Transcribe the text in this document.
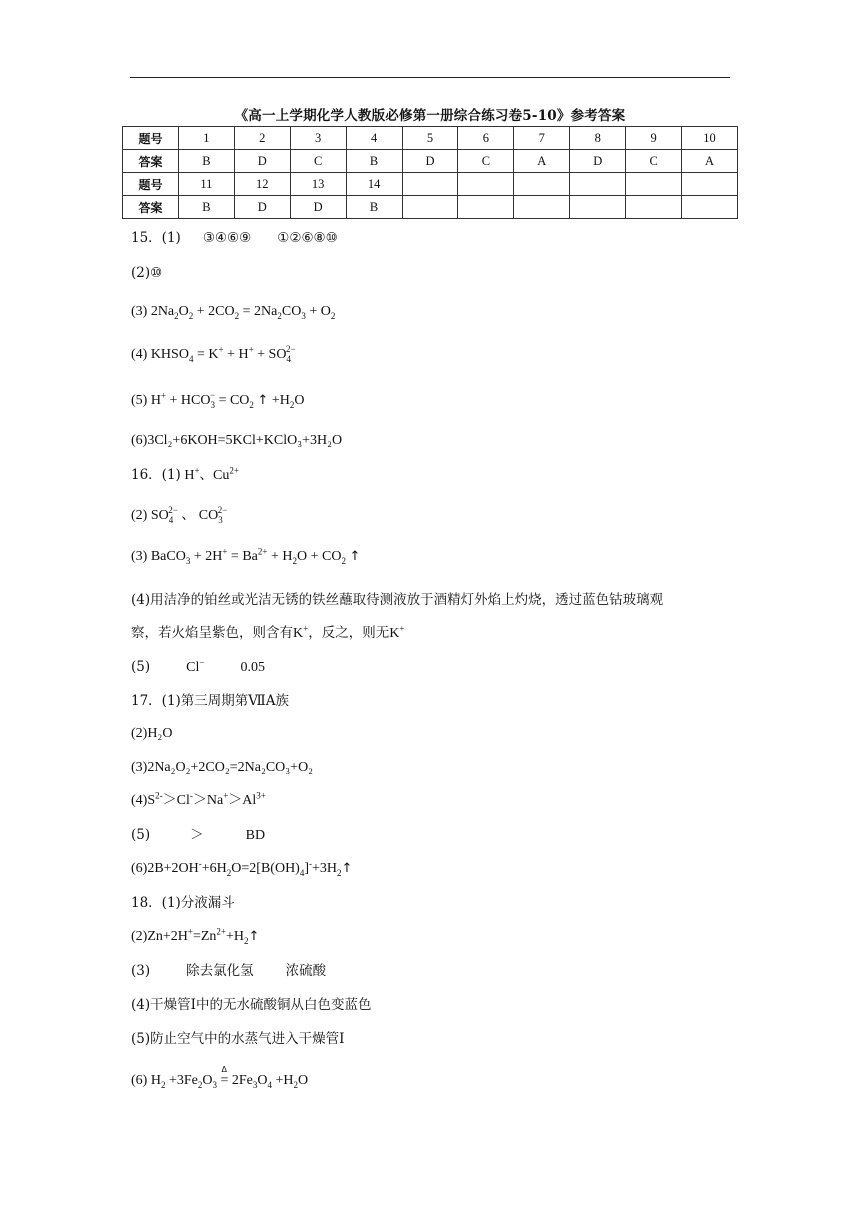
《高一上学期化学人教版必修第一册综合练习卷5-10》参考答案
题号	1	2	3	4	5	6	7	8	9	10
答案	B	D	C	B	D	C	A	D	C	A
题号	11	12	13	14						
答案	B	D	D	B						
15．(1) ③④⑥⑨ ①②⑥⑧⑩
(2)⑩
(3) $2Na_2O_2 + 2CO_2 = 2Na_2CO_3 + O_2$
(4) $KHSO_4 = K^+ + H^+ + SO_4^{2-}$
(5) $H^+ + HCO_3^- = CO_2$ ↑ $+H_2O$
(6)3Cl₂+6KOH=5KCl+KClO₃+3H₂O
16．(1) H+、$Cu^{2+}$
(2) $SO_4^{2-}$ 、 $CO_3^{2-}$
(3) BaCO$_3$ + $2H^+ = Ba^{2+} + H_2O + CO_2$ ↑
(4)用洁净的铂丝或光洁无锈的铁丝蘸取待测液放于酒精灯外焰上灼烧，透过蓝色钴玻璃观
察，若火焰呈紫色，则含有K+，反之，则无K+
(5)	Cl−	0.05
17．(1)第三周期第ⅦA族
(2)H₂O
(3)2Na₂O₂+2CO₂=2Na₂CO₃+O₂
$(4)S^{2-}>Cl^->Na^+>Al^{3+}$
(5)	＞	BD
$(6)2B+2OH^-+6H_2O=2[B(OH)_4]^-+3H_2↑$
18．(1)分液漏斗
$(2)Zn+2H^+=Zn^{2+}+H_2↑$
(3)	除去氯化氢 浓硫酸
(4)干燥管Ⅰ中的无水硫酸铜从白色变蓝色
(5)防止空气中的水蒸气进入干燥管Ⅰ
(6) $H_2 +3Fe_2O_3$
Δ
= $2Fe_3O_4 +H_2O$
